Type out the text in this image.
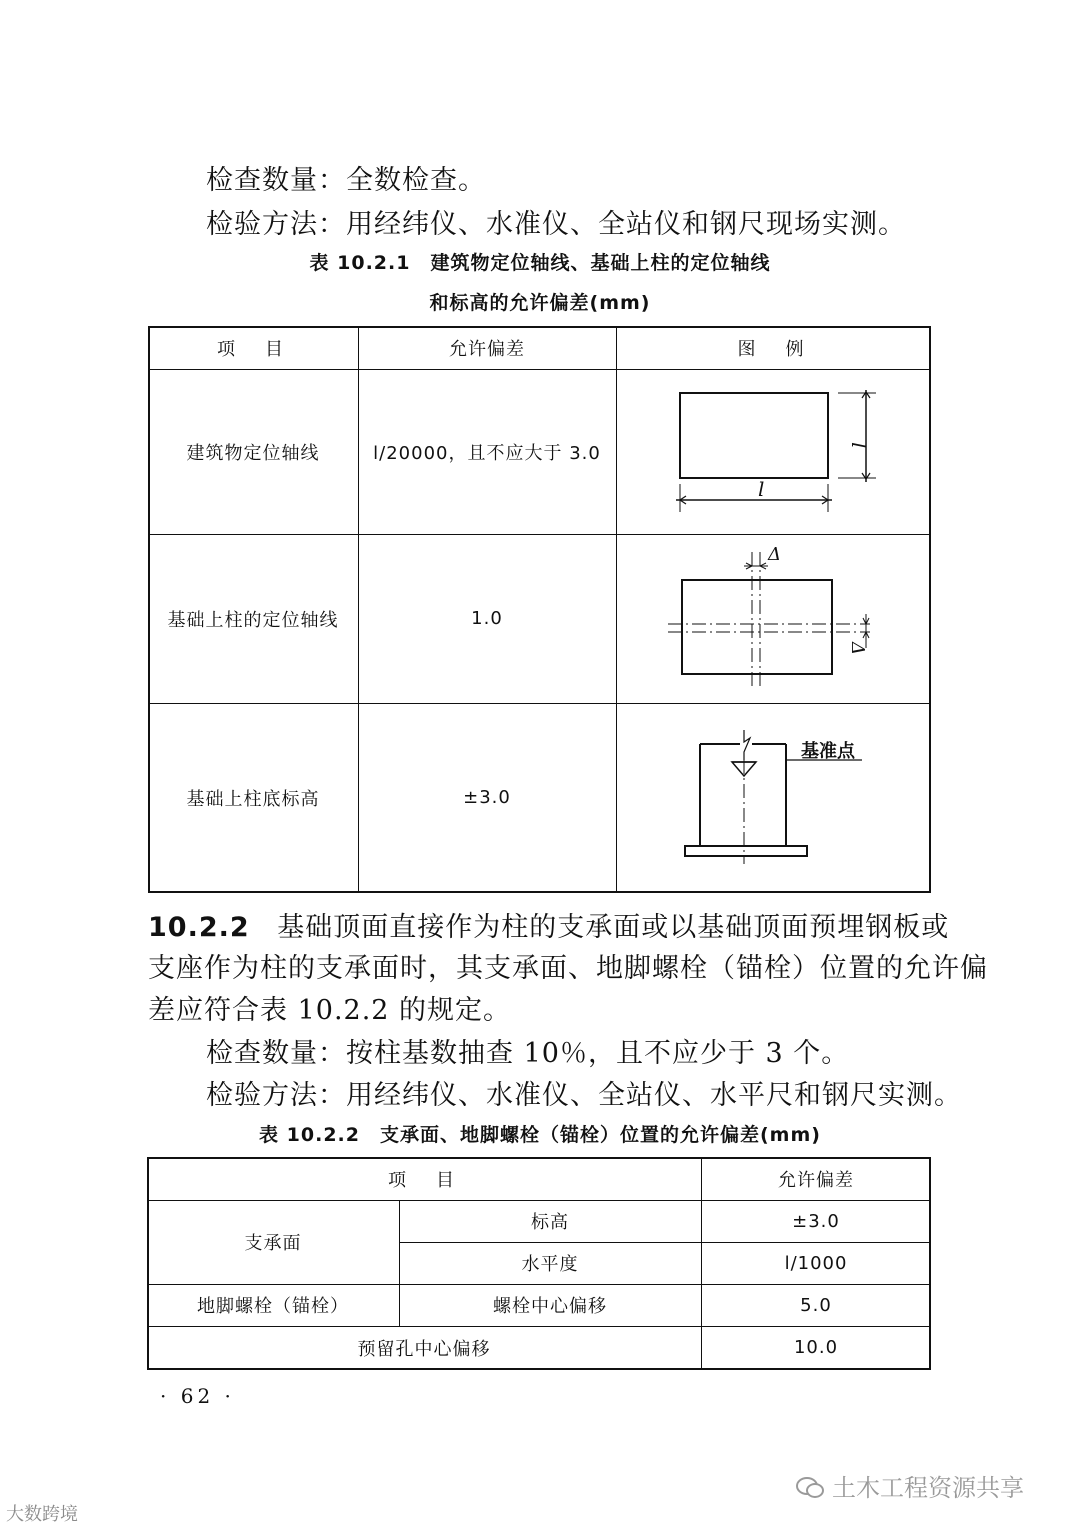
检查数量：全数检查。
检验方法：用经纬仪、水准仪、全站仪和钢尺现场实测。
表 10.2.1　建筑物定位轴线、基础上柱的定位轴线
和标高的允许偏差(mm)
项　目	允许偏差	图　例
建筑物定位轴线	l/20000，且不应大于 3.0
基础上柱的定位轴线	1.0
基础上柱底标高	±3.0
l
l
Δ
Δ
基准点
10.2.2 基础顶面直接作为柱的支承面或以基础顶面预埋钢板或
支座作为柱的支承面时，其支承面、地脚螺栓（锚栓）位置的允许偏
差应符合表 10.2.2 的规定。
检查数量：按柱基数抽查 10％，且不应少于 3 个。
检验方法：用经纬仪、水准仪、全站仪、水平尺和钢尺实测。
表 10.2.2　支承面、地脚螺栓（锚栓）位置的允许偏差(mm)
项　目	允许偏差
支承面
标高	±3.0
水平度	l/1000
地脚螺栓（锚栓）	螺栓中心偏移	5.0
预留孔中心偏移	10.0
· 62 ·
土木工程资源共享
大数跨境
